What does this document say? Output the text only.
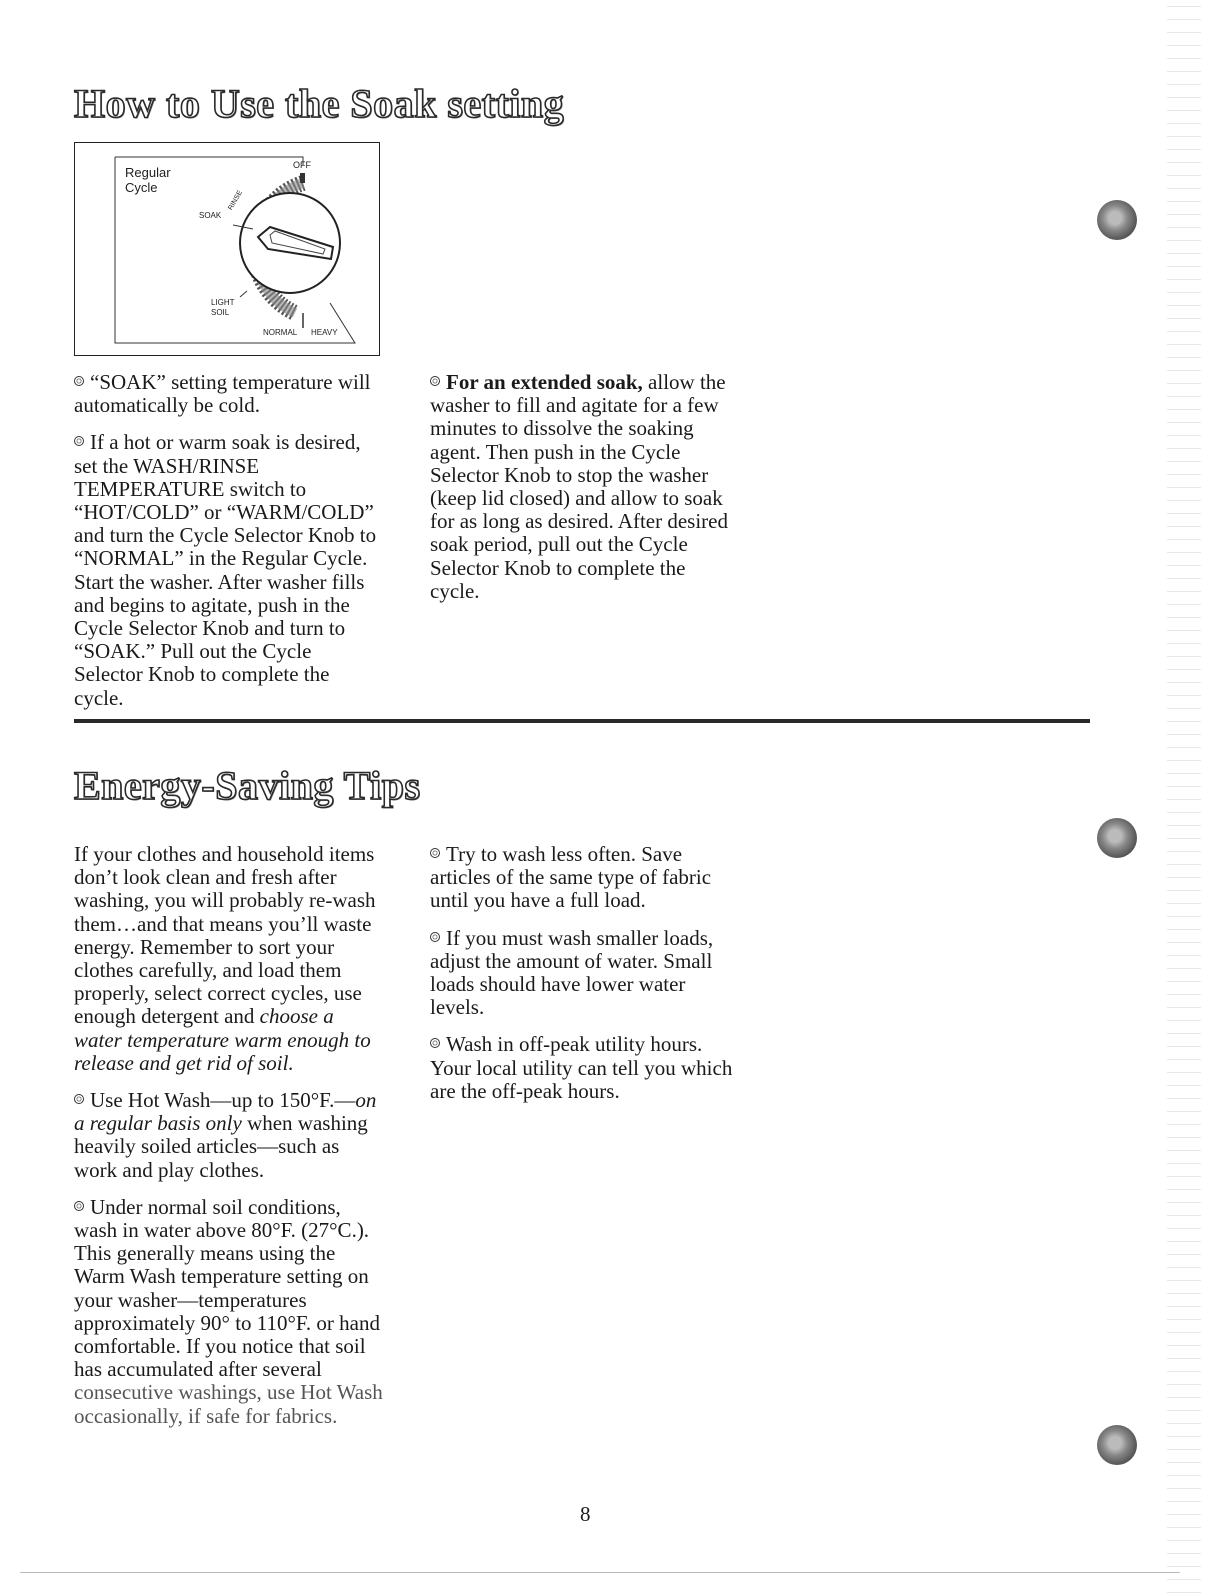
How to Use the Soak setting
Regular Cycle
OFF
SOAK
RINSE
LIGHT SOIL
NORMAL HEAVY

“SOAK” setting temperature will automatically be cold.

If a hot or warm soak is desired, set the WASH/RINSE TEMPERATURE switch to “HOT/COLD” or “WARM/COLD” and turn the Cycle Selector Knob to “NORMAL” in the Regular Cycle. Start the washer. After washer fills and begins to agitate, push in the Cycle Selector Knob and turn to “SOAK.” Pull out the Cycle Selector Knob to complete the cycle.

For an extended soak, allow the washer to fill and agitate for a few minutes to dissolve the soaking agent. Then push in the Cycle Selector Knob to stop the washer (keep lid closed) and allow to soak for as long as desired. After desired soak period, pull out the Cycle Selector Knob to complete the cycle.

Energy-Saving Tips

If your clothes and household items don’t look clean and fresh after washing, you will probably re-wash them…and that means you’ll waste energy. Remember to sort your clothes carefully, and load them properly, select correct cycles, use enough detergent and choose a water temperature warm enough to release and get rid of soil.

Use Hot Wash—up to 150°F.—on a regular basis only when washing heavily soiled articles—such as work and play clothes.

Under normal soil conditions, wash in water above 80°F. (27°C.). This generally means using the Warm Wash temperature setting on your washer—temperatures approximately 90° to 110°F. or hand comfortable. If you notice that soil has accumulated after several consecutive washings, use Hot Wash occasionally, if safe for fabrics.

Try to wash less often. Save articles of the same type of fabric until you have a full load.

If you must wash smaller loads, adjust the amount of water. Small loads should have lower water levels.

Wash in off-peak utility hours. Your local utility can tell you which are the off-peak hours.

8
